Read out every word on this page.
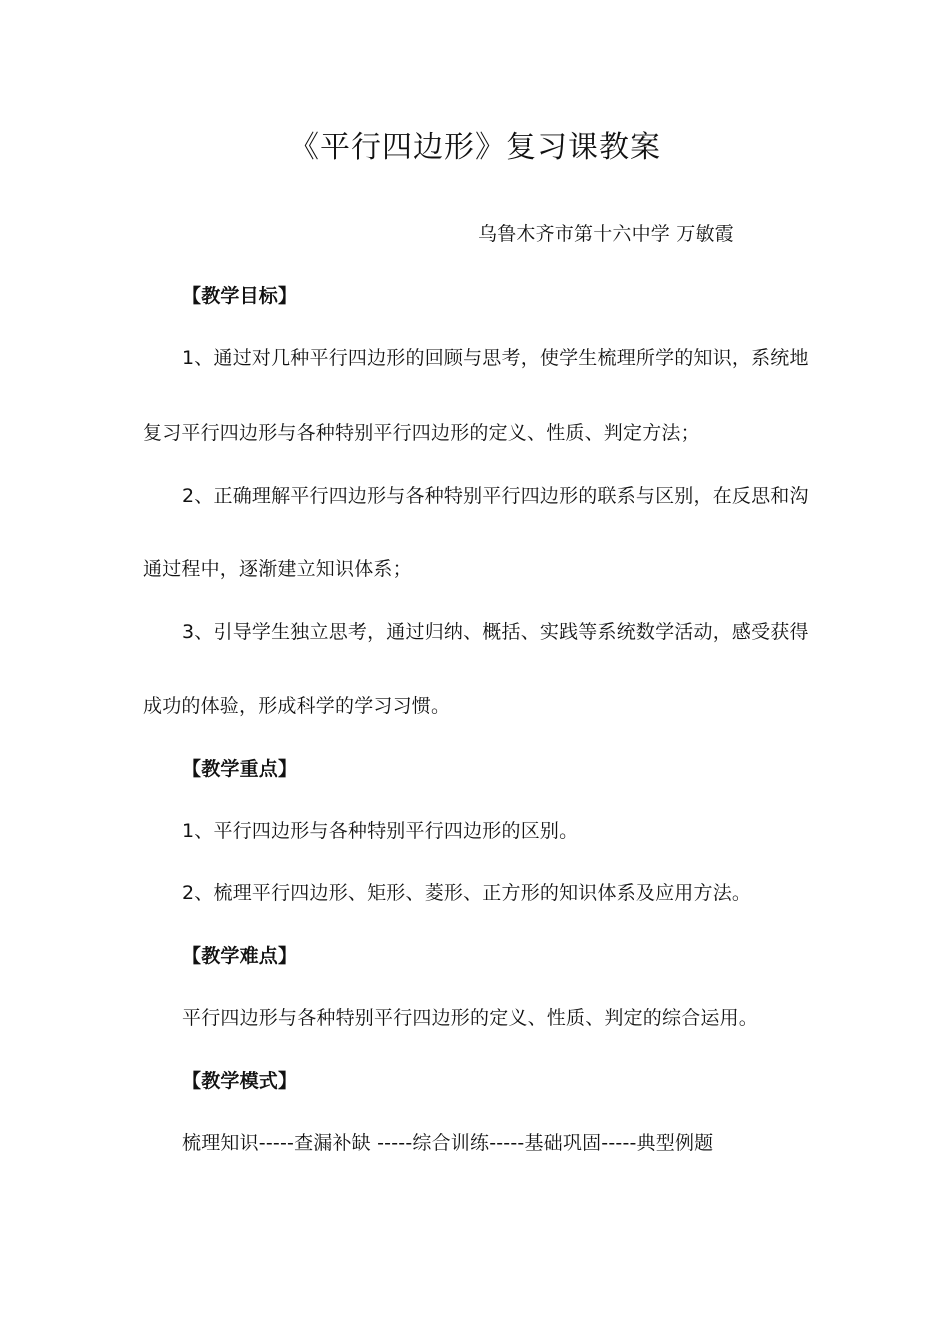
《平行四边形》复习课教案
乌鲁木齐市第十六中学 万敏霞
【教学目标】
1、通过对几种平行四边形的回顾与思考，使学生梳理所学的知识，系统地
复习平行四边形与各种特别平行四边形的定义、性质、判定方法；
2、正确理解平行四边形与各种特别平行四边形的联系与区别，在反思和沟
通过程中，逐渐建立知识体系；
3、引导学生独立思考，通过归纳、概括、实践等系统数学活动，感受获得
成功的体验，形成科学的学习习惯。
【教学重点】
1、平行四边形与各种特别平行四边形的区别。
2、梳理平行四边形、矩形、菱形、正方形的知识体系及应用方法。
【教学难点】
平行四边形与各种特别平行四边形的定义、性质、判定的综合运用。
【教学模式】
梳理知识-----查漏补缺 -----综合训练-----基础巩固-----典型例题
